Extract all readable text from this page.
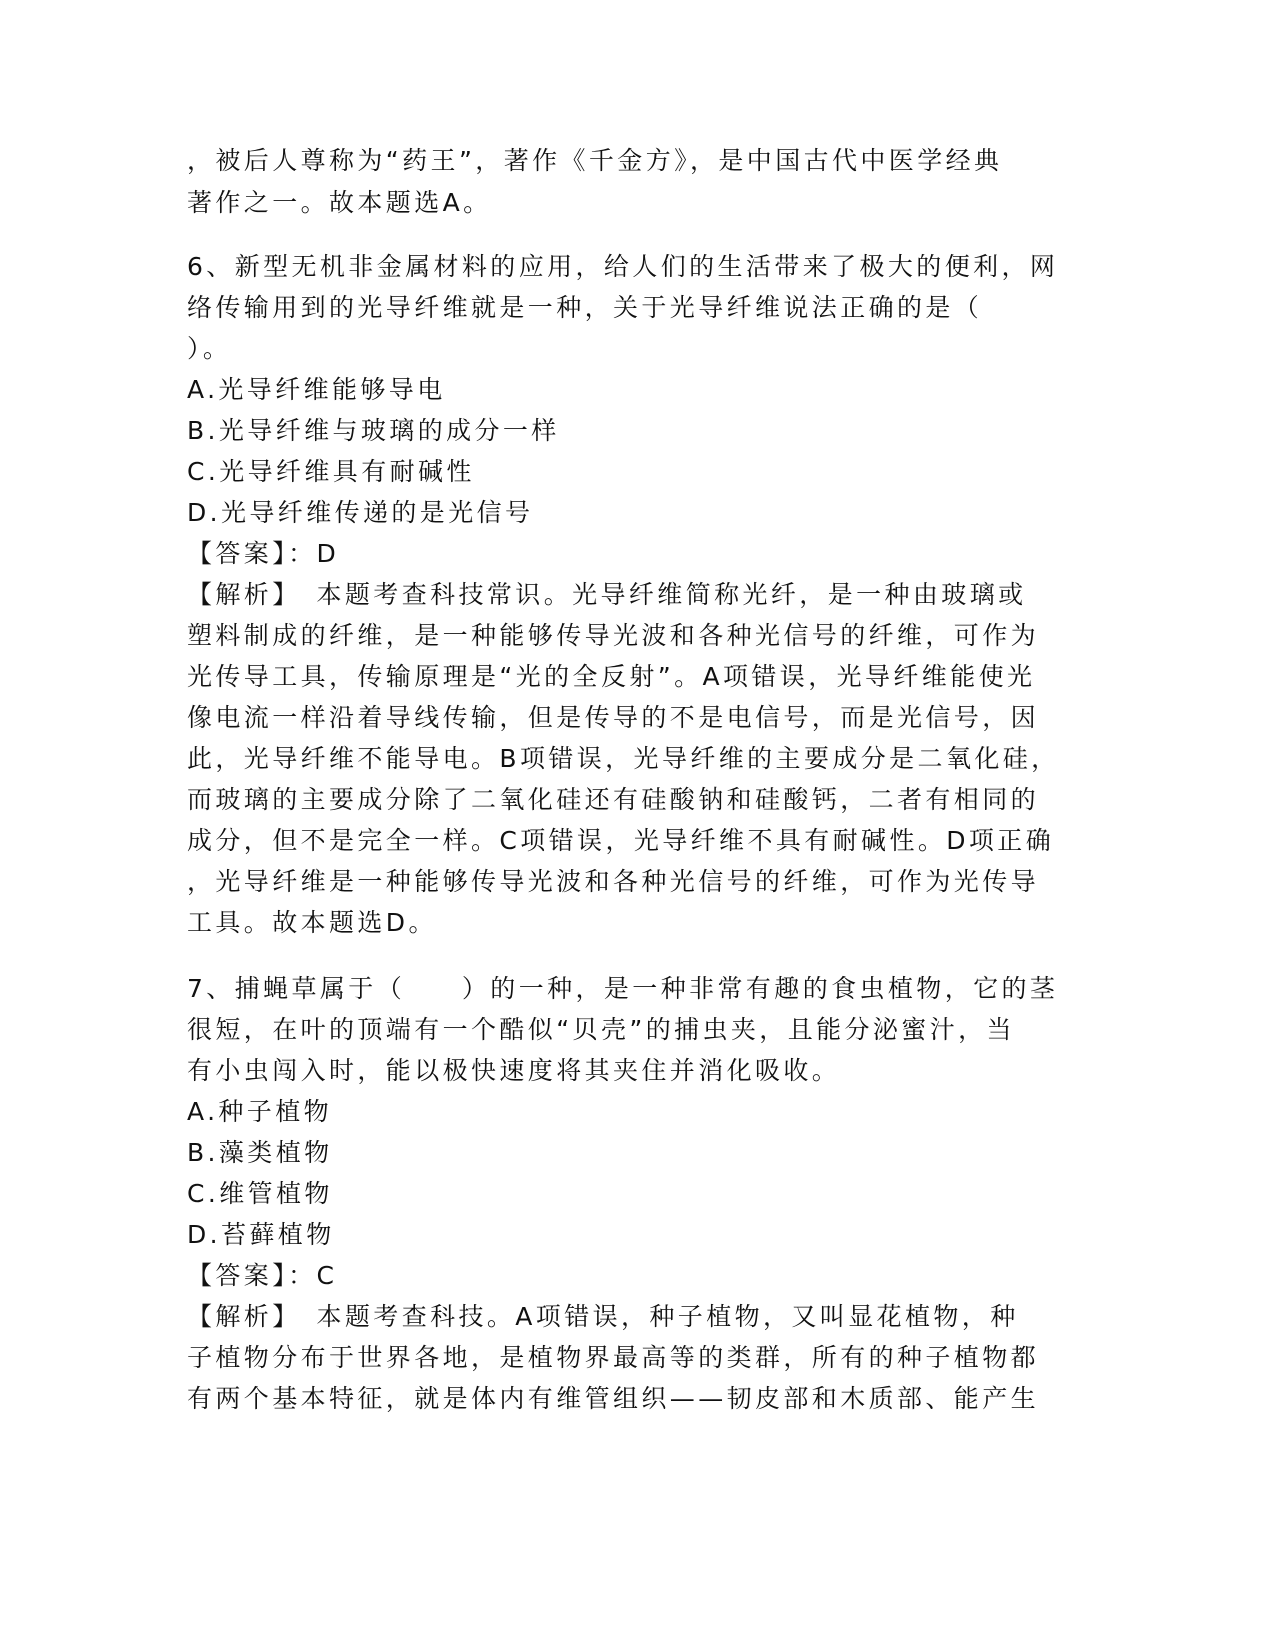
，被后人尊称为“药王”，著作《千金方》，是中国古代中医学经典
著作之一。故本题选A。
6、新型无机非金属材料的应用，给人们的生活带来了极大的便利，网
络传输用到的光导纤维就是一种，关于光导纤维说法正确的是（
）。
A.光导纤维能够导电
B.光导纤维与玻璃的成分一样
C.光导纤维具有耐碱性
D.光导纤维传递的是光信号
【答案】：D
【解析】　本题考查科技常识。光导纤维简称光纤，是一种由玻璃或
塑料制成的纤维，是一种能够传导光波和各种光信号的纤维，可作为
光传导工具，传输原理是“光的全反射”。A项错误，光导纤维能使光
像电流一样沿着导线传输，但是传导的不是电信号，而是光信号，因
此，光导纤维不能导电。B项错误，光导纤维的主要成分是二氧化硅，
而玻璃的主要成分除了二氧化硅还有硅酸钠和硅酸钙，二者有相同的
成分，但不是完全一样。C项错误，光导纤维不具有耐碱性。D项正确
，光导纤维是一种能够传导光波和各种光信号的纤维，可作为光传导
工具。故本题选D。
7、捕蝇草属于（　　）的一种，是一种非常有趣的食虫植物，它的茎
很短，在叶的顶端有一个酷似“贝壳”的捕虫夹，且能分泌蜜汁，当
有小虫闯入时，能以极快速度将其夹住并消化吸收。
A.种子植物
B.藻类植物
C.维管植物
D.苔藓植物
【答案】：C
【解析】　本题考查科技。A项错误，种子植物，又叫显花植物，种
子植物分布于世界各地，是植物界最高等的类群，所有的种子植物都
有两个基本特征，就是体内有维管组织——韧皮部和木质部、能产生
